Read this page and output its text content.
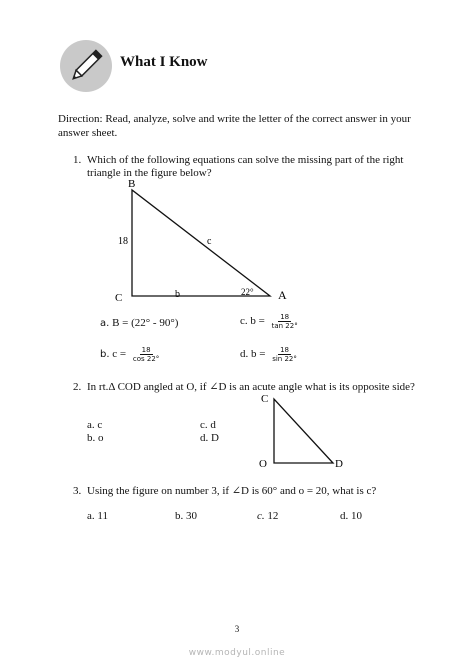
What I Know
Direction: Read, analyze, solve and write the letter of the correct answer in your
answer sheet.
1. Which of the following equations can solve the missing part of the right
triangle in the figure below?
B
C	A
18	c
b	22°
a. B = (22° - 90°)	c. $b = \frac{18}{\tan 22^\circ}$
b. $c = \frac{18}{\cos 22^\circ}$	d. $b = \frac{18}{\sin 22^\circ}$
2. In rt.Δ COD angled at O, if ∠D is an acute angle what is its opposite side?
a. c
b. o
c. d
d. D
C
O	D
3. Using the figure on number 3, if ∠D is 60° and o = 20, what is c?
a. 11	b. 30	c. 12	d. 10
3
www.modyul.online
